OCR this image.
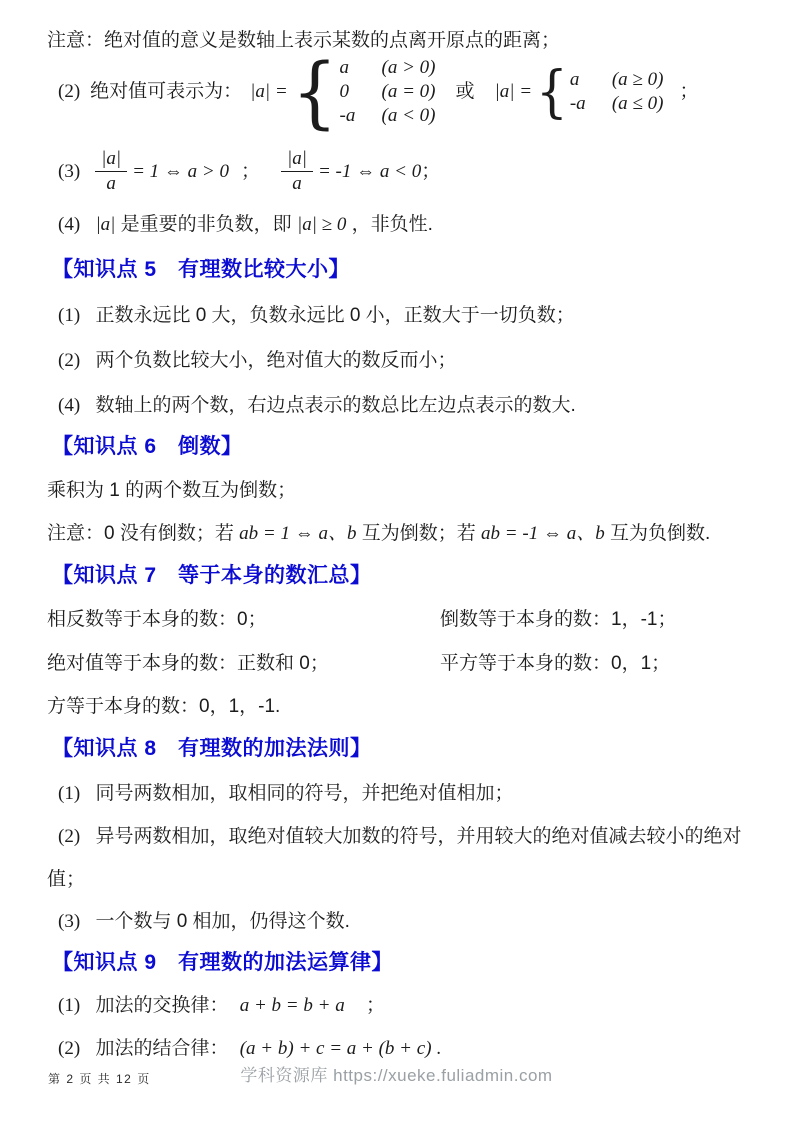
注意：绝对值的意义是数轴上表示某数的点离开原点的距离；
(2) 绝对值可表示为： |a| = { a	(a > 0)
0	(a = 0)
-a	(a < 0)
或 |a| = { a	(a ≥ 0)
-a	(a ≤ 0)
；
$(3) \frac{|a|}{a} = 1$ ⇔ a > 0 ； $\frac{|a|}{a} = -1$ ⇔ a < 0 ；
(4) |a| 是重要的非负数，即 |a| ≥ 0 ，非负性.
【知识点 5　有理数比较大小】
(1) 正数永远比 0 大，负数永远比 0 小，正数大于一切负数；
(2) 两个负数比较大小，绝对值大的数反而小；
(4) 数轴上的两个数，右边点表示的数总比左边点表示的数大.
【知识点 6　倒数】
乘积为 1 的两个数互为倒数；
注意：0 没有倒数；若 ab = 1 ⇔ a、b 互为倒数；若 ab = -1 ⇔ a、b 互为负倒数.
【知识点 7　等于本身的数汇总】
相反数等于本身的数：0；	倒数等于本身的数：1，-1；
绝对值等于本身的数：正数和 0；	平方等于本身的数：0，1；
方等于本身的数：0，1，-1.
【知识点 8　有理数的加法法则】
(1) 同号两数相加，取相同的符号，并把绝对值相加；
(2) 异号两数相加，取绝对值较大加数的符号，并用较大的绝对值减去较小的绝对
值；
(3) 一个数与 0 相加，仍得这个数.
【知识点 9　有理数的加法运算律】
(1) 加法的交换律： a + b = b + a ；
(2) 加法的结合律： (a + b) + c = a + (b + c) .
第 2 页 共 12 页	学科资源库 https://xueke.fuliadmin.com
